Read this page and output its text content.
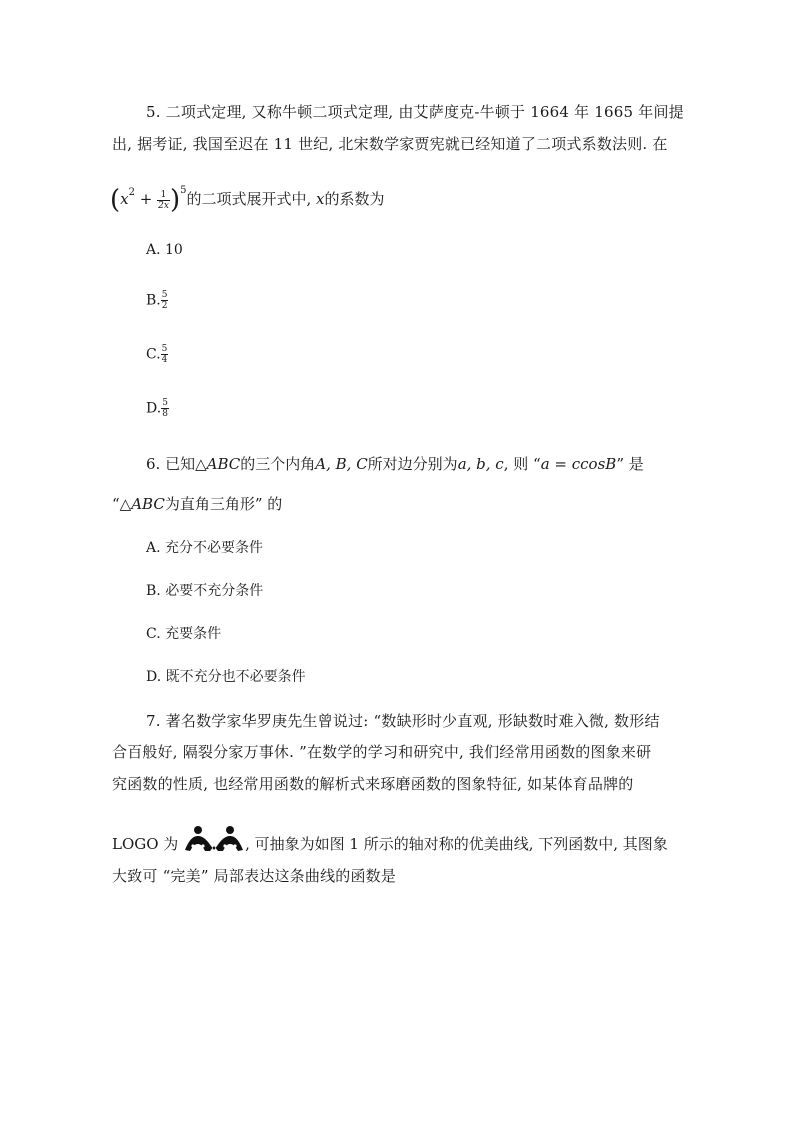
5. 二项式定理, 又称牛顿二项式定理, 由艾萨度克-牛顿于 1664 年 1665 年间提
出, 据考证, 我国至迟在 11 世纪, 北宋数学家贾宪就已经知道了二项式系数法则. 在
$(x^2 + \frac{1}{2x} )^5$的二项式展开式中, x的系数为
A. 10
B. $\frac{5}{2}$
C. $\frac{5}{4}$
D. $\frac{5}{8}$
6. 已知△ABC的三个内角A, B, C所对边分别为a, b, c, 则 “a = ccosB” 是
“△ABC为直角三角形” 的
A. 充分不必要条件
B. 必要不充分条件
C. 充要条件
D. 既不充分也不必要条件
7. 著名数学家华罗庚先生曾说过: “数缺形时少直观, 形缺数时难入微, 数形结
合百般好, 隔裂分家万事休. ”在数学的学习和研究中, 我们经常用函数的图象来研
究函数的性质, 也经常用函数的解析式来琢磨函数的图象特征, 如某体育品牌的
LOGO 为	, 可抽象为如图 1 所示的轴对称的优美曲线, 下列函数中, 其图象
大致可 “完美” 局部表达这条曲线的函数是
